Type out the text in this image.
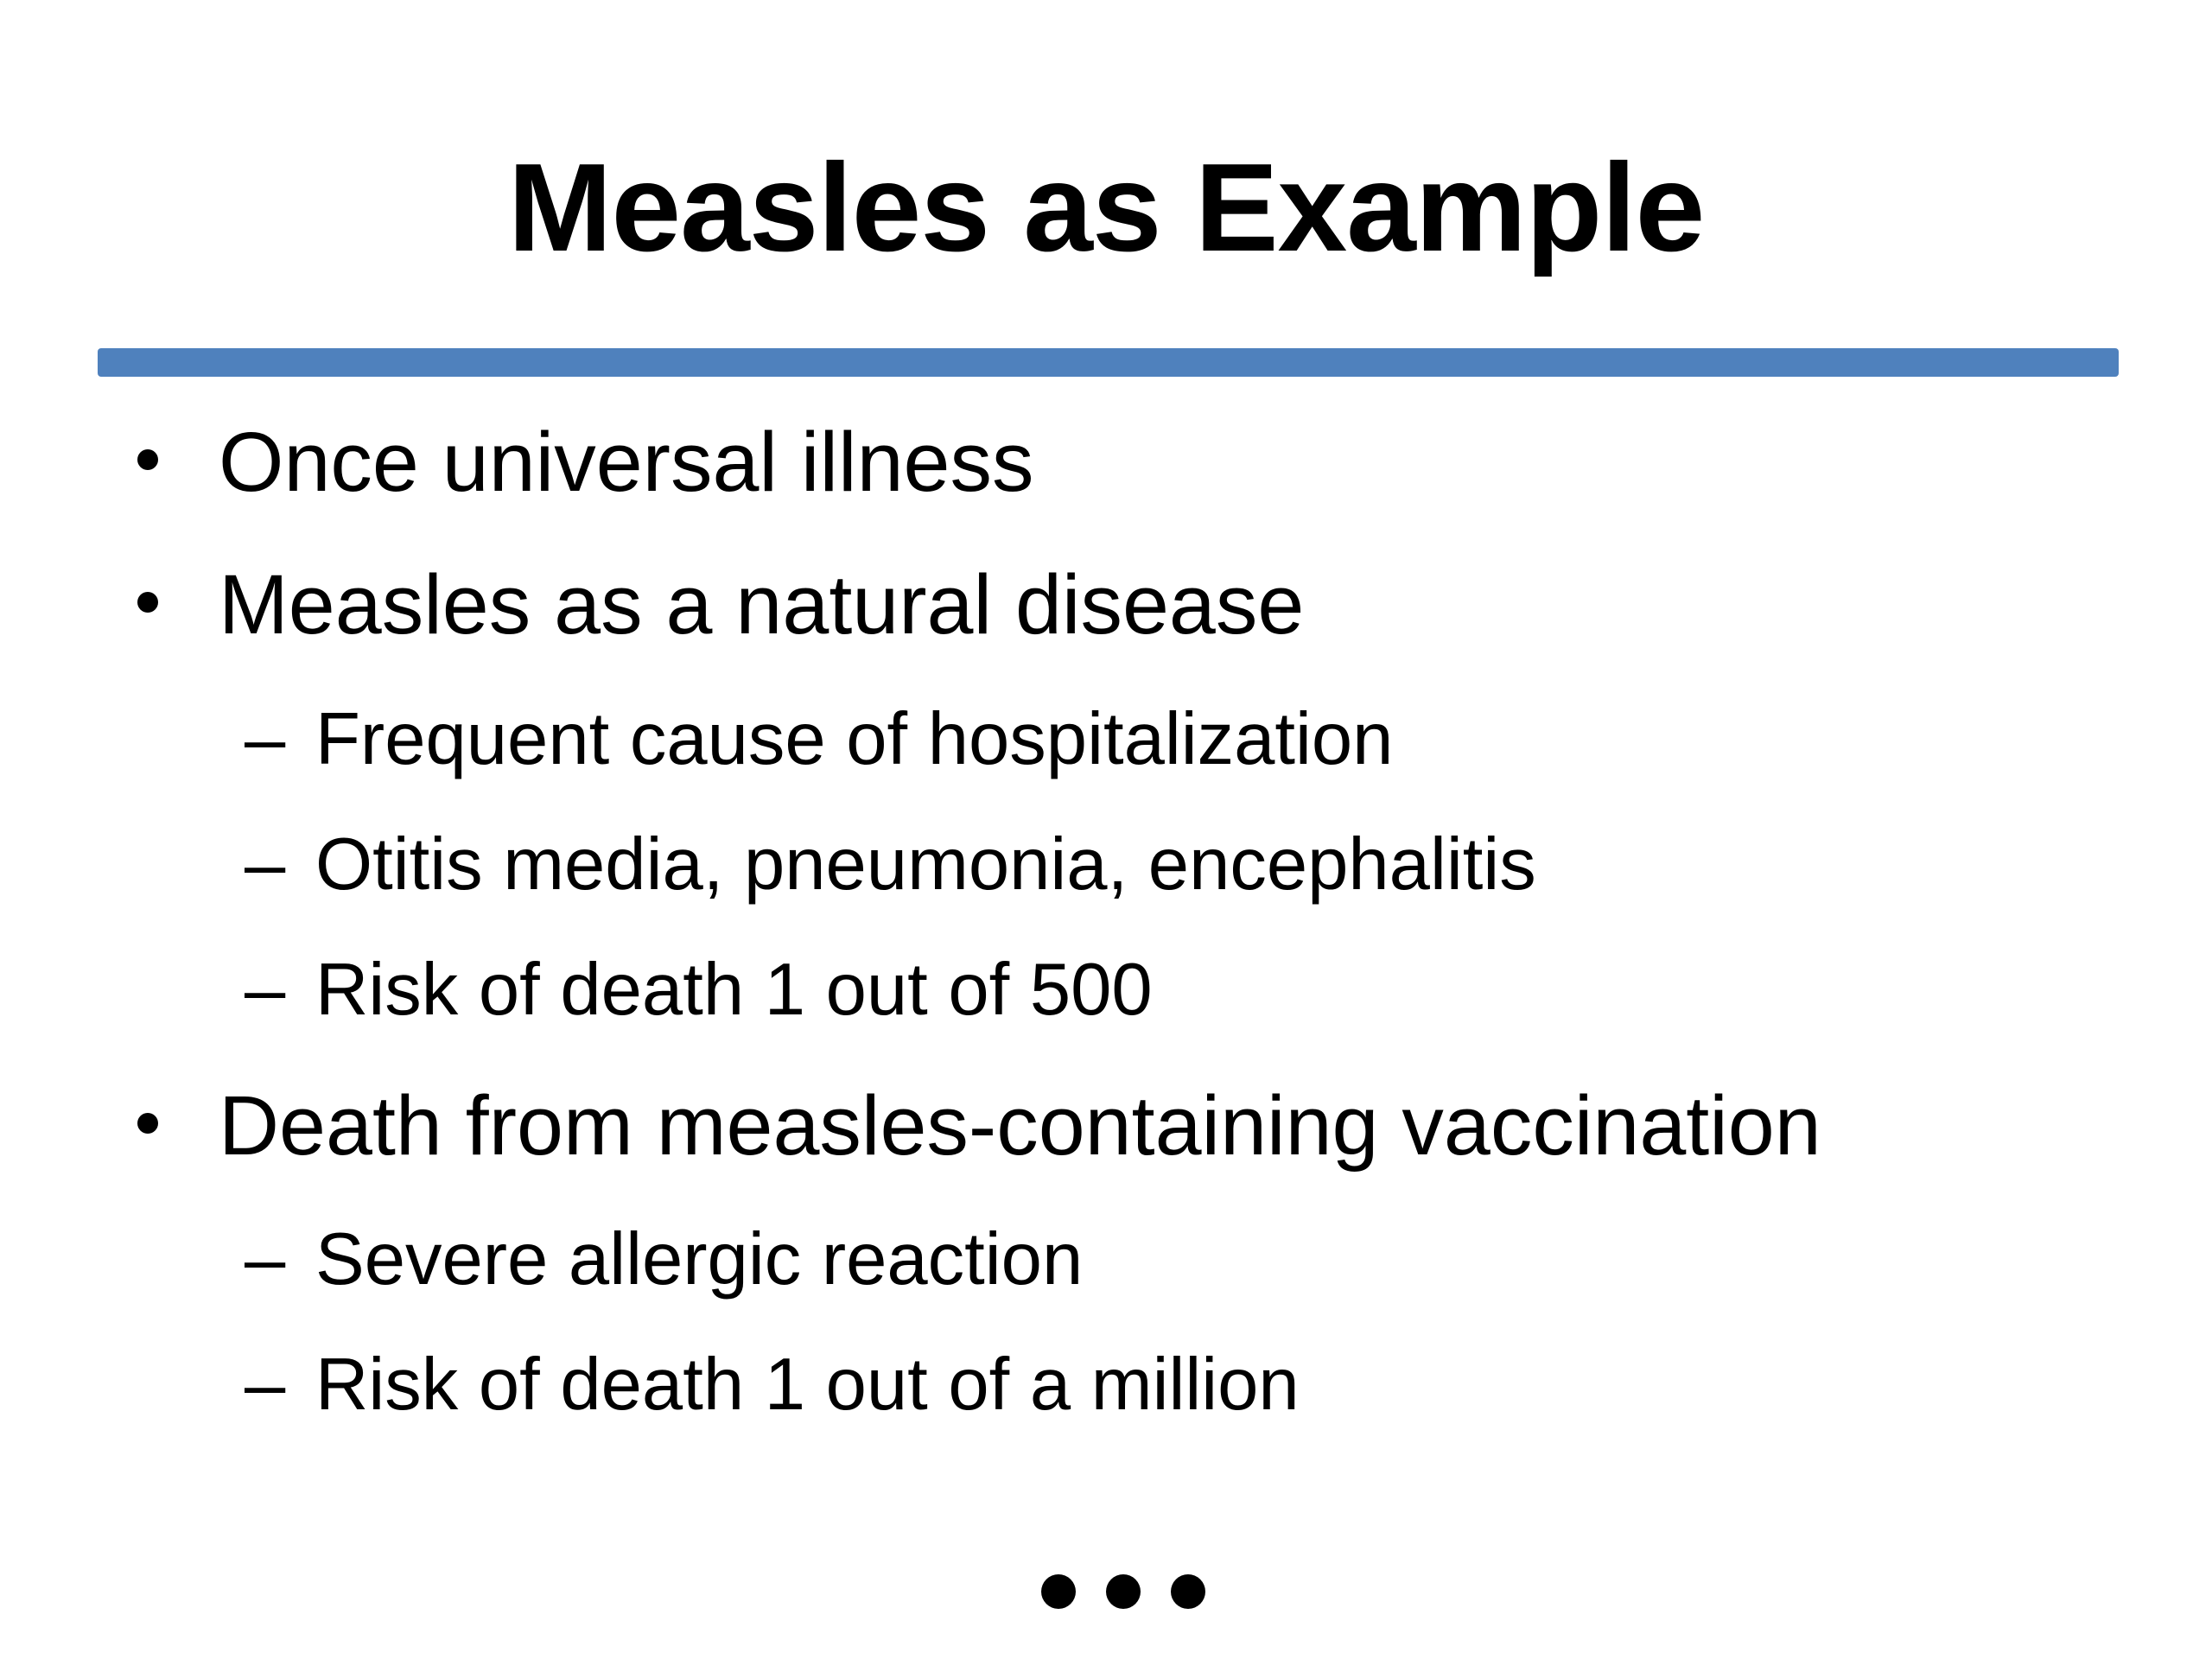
Measles as Example
Once universal illness
Measles as a natural disease
– Frequent cause of hospitalization
– Otitis media, pneumonia, encephalitis
– Risk of death 1 out of 500
Death from measles-containing vaccination
– Severe allergic reaction
– Risk of death 1 out of a million
